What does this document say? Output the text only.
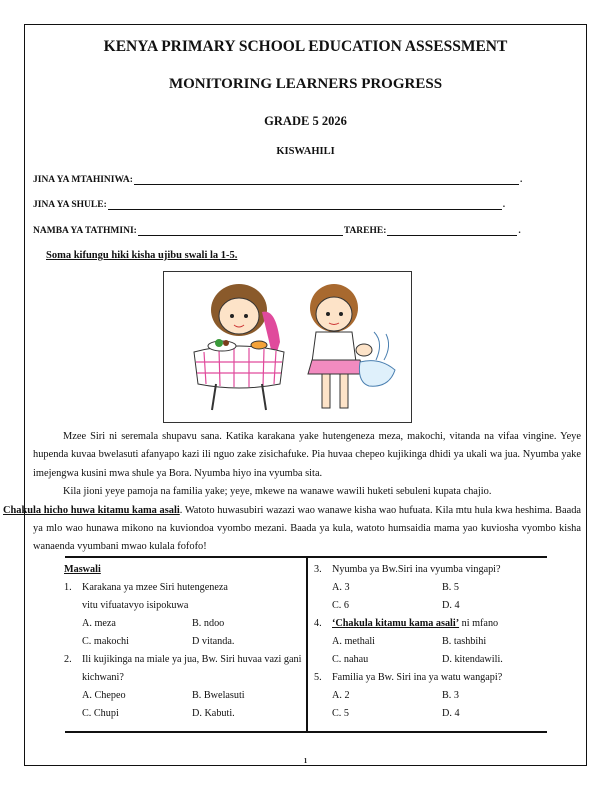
KENYA PRIMARY SCHOOL EDUCATION ASSESSMENT
MONITORING LEARNERS PROGRESS
GRADE 5 2026
KISWAHILI
JINA YA MTAHINIWA:	.
JINA YA SHULE:	.
NAMBA YA TATHMINI:	TAREHE:	.
Soma kifungu hiki kisha ujibu swali la 1-5.

Mzee Siri ni seremala shupavu sana. Katika karakana yake hutengeneza meza, makochi, vitanda na vifaa vingine. Yeye hupenda kuvaa bwelasuti afanyapo kazi ili nguo zake zisichafuke. Pia huvaa chepeo kujikinga dhidi ya ukali wa jua. Nyumba yake imejengwa kusini mwa shule ya Bora. Nyumba hiyo ina vyumba sita.

Kila jioni yeye pamoja na familia yake; yeye, mkewe na wanawe wawili huketi sebuleni kupata chajio.
Chakula hicho huwa kitamu kama asali. Watoto huwasubiri wazazi wao wanawe kisha wao hufuata. Kila mtu hula kwa heshima. Baada ya mlo wao hunawa mikono na kuviondoa vyombo mezani. Baada ya kula, watoto humsaidia mama yao kuviosha vyombo kisha wanaenda vyumbani mwao kulala fofofo!

Maswali
1.	Karakana ya mzee Siri hutengeneza vitu vifuatavyo isipokuwa
A. meza	B. ndoo
C. makochi	D vitanda.
2.	Ili kujikinga na miale ya jua, Bw. Siri huvaa vazi gani kichwani?
A. Chepeo	B. Bwelasuti
C. Chupi	D. Kabuti.
3.	Nyumba ya Bw.Siri ina vyumba vingapi?
A. 3	B. 5
C. 6	D. 4
4.	‘Chakula kitamu kama asali’ ni mfano
A. methali	B. tashbihi
C. nahau	D. kitendawili.
5.	Familia ya Bw. Siri ina ya watu wangapi?
A. 2	B. 3
C. 5	D. 4
1
